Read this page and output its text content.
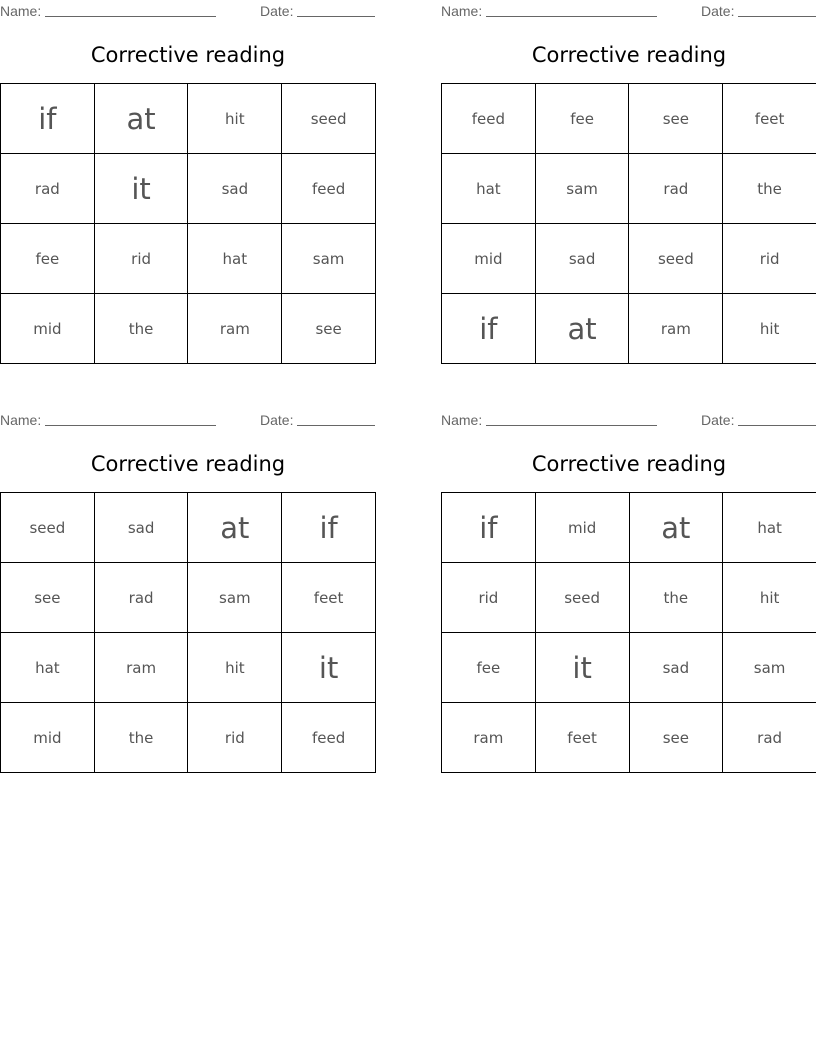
Name:	Date:
Corrective reading
if	at	hit	seed
rad	it	sad	feed
fee	rid	hat	sam
mid	the	ram	see
Name:	Date:
Corrective reading
feed	fee	see	feet
hat	sam	rad	the
mid	sad	seed	rid
if	at	ram	hit
Name:	Date:
Corrective reading
seed	sad	at	if
see	rad	sam	feet
hat	ram	hit	it
mid	the	rid	feed
Name:	Date:
Corrective reading
if	mid	at	hat
rid	seed	the	hit
fee	it	sad	sam
ram	feet	see	rad
